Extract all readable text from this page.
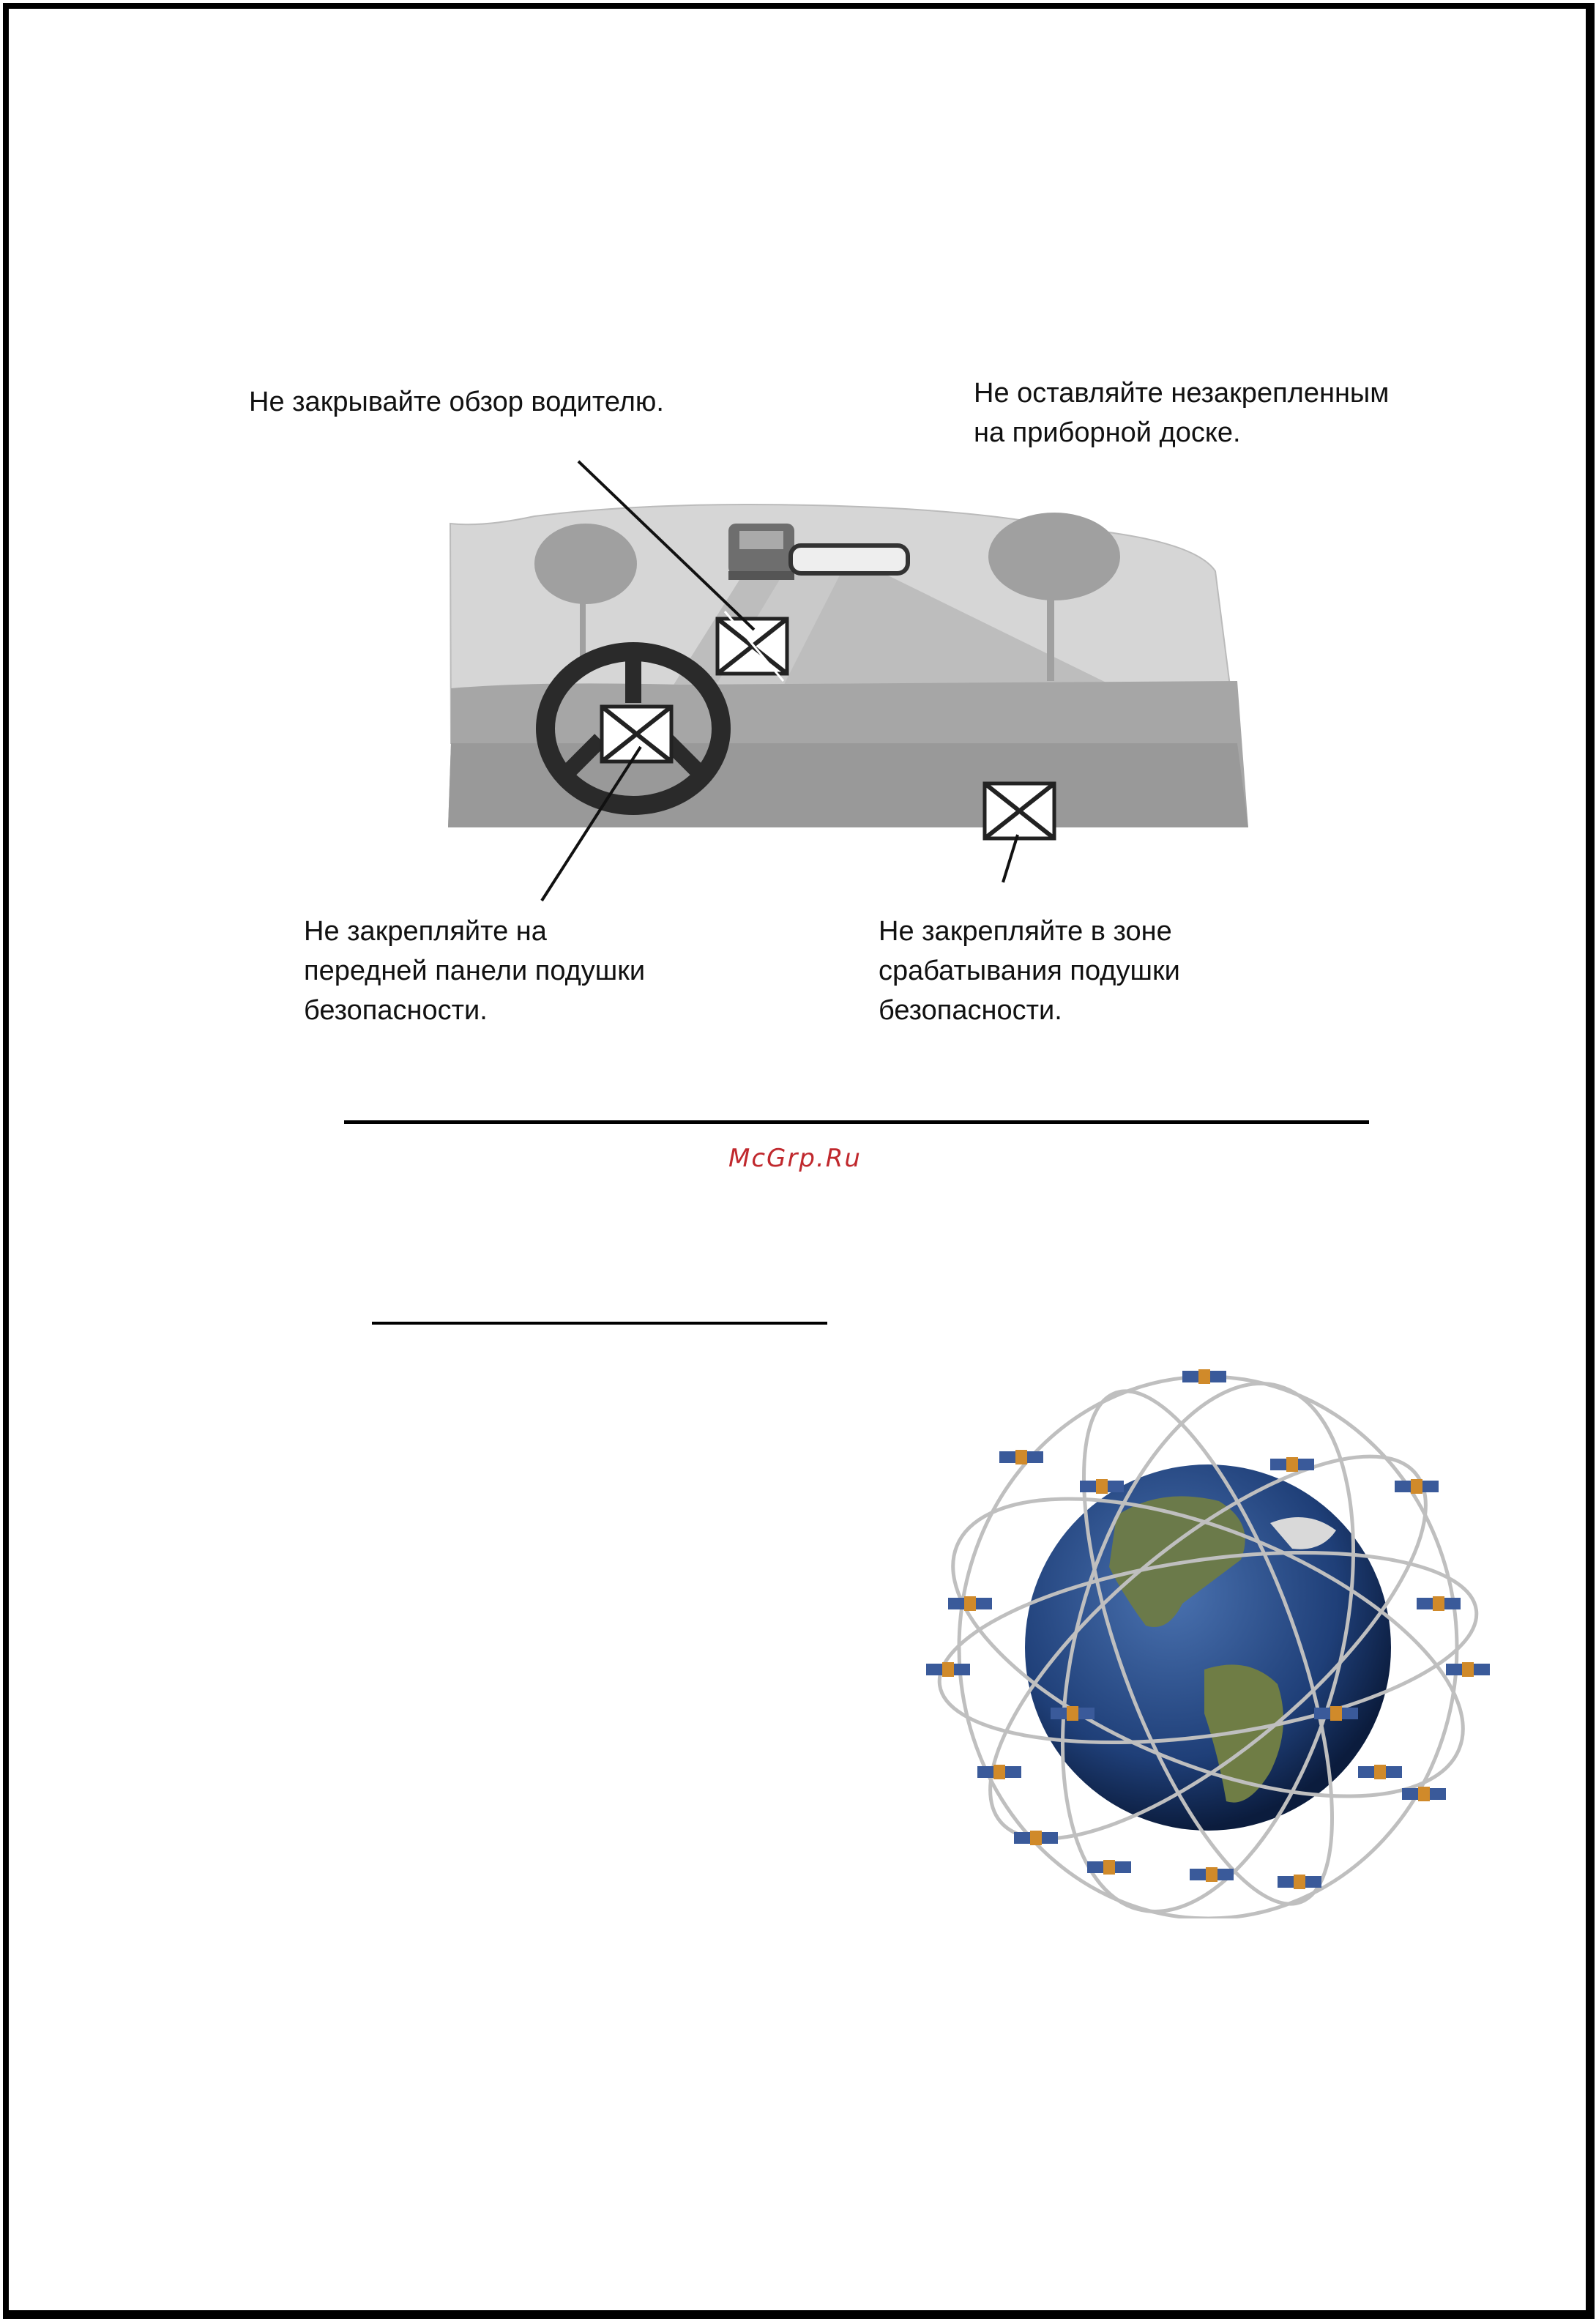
Не закрывайте обзор водителю.	Не оставляйте незакрепленным
на приборной доске.
Не закрепляйте на
передней панели подушки
безопасности.
Не закрепляйте в зоне
срабатывания подушки
безопасности.
McGrp.Ru
